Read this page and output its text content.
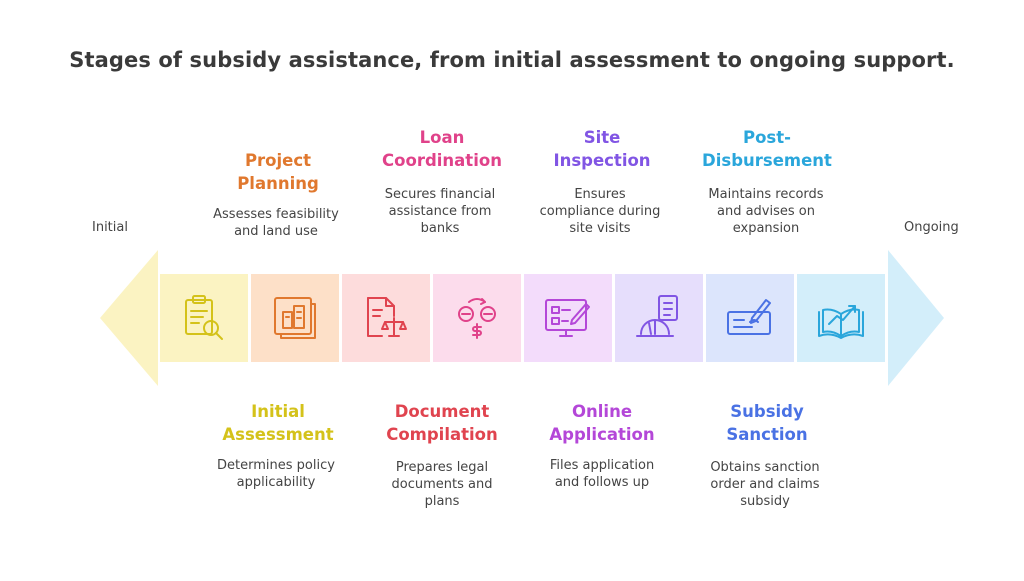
Stages of subsidy assistance, from initial assessment to ongoing support.
Initial	Ongoing
Initial
Assessment
Determines policy
applicability
Document
Compilation
Prepares legal
documents and
plans
Online
Application
Files application
and follows up
Subsidy
Sanction
Obtains sanction
order and claims
subsidy
Project
Planning
Assesses feasibility
and land use
Loan
Coordination
Secures financial
assistance from
banks
Site
Inspection
Ensures
compliance during
site visits
Post-
Disbursement
Maintains records
and advises on
expansion
